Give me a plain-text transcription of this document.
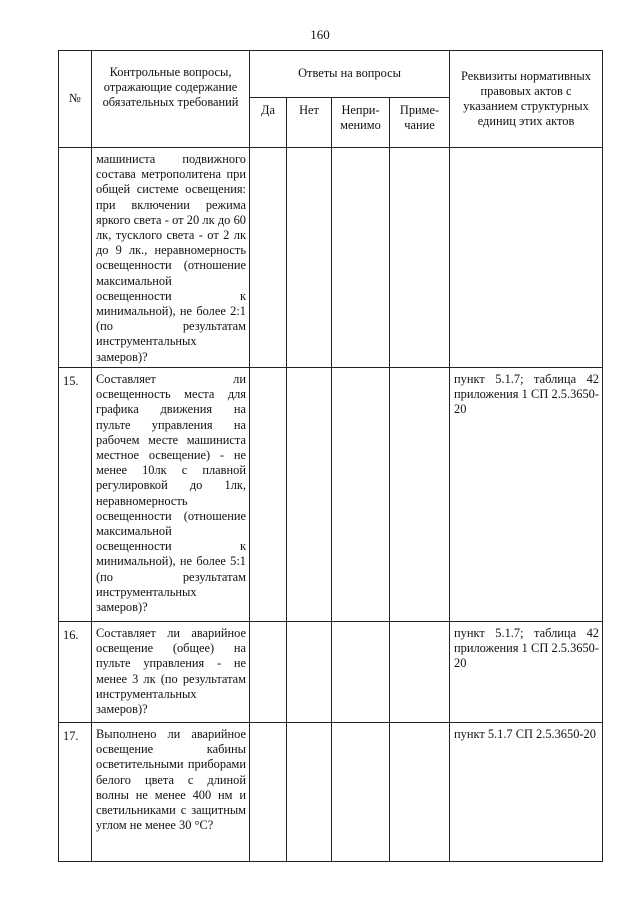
160
№	Контрольные вопросы, отражающие содержание обязательных требований	Ответы на вопросы				Реквизиты нормативных правовых актов с указанием структурных единиц этих актов
		Да	Нет	Непри-менимо	Приме-чание	
	машиниста подвижного состава метрополитена при общей системе освещения: при включении режима яркого света - от 20 лк до 60 лк, тусклого света - от 2 лк до 9 лк., неравномерность освещенности (отношение максимальной освещенности к минимальной), не более 2:1 (по результатам инструментальных замеров)?					
15.	Составляет ли освещенность места для графика движения на пульте управления на рабочем месте машиниста местное освещение) - не менее 10лк с плавной регулировкой до 1лк, неравномерность освещенности (отношение максимальной освещенности к минимальной), не более 5:1 (по результатам инструментальных замеров)?					пункт 5.1.7; таблица 42 приложения 1 СП 2.5.3650-20
16.	Составляет ли аварийное освещение (общее) на пульте управления - не менее 3 лк (по результатам инструментальных замеров)?					пункт 5.1.7; таблица 42 приложения 1 СП 2.5.3650-20
17.	Выполнено ли аварийное освещение кабины осветительными приборами белого цвета с длиной волны не менее 400 нм и светильниками с защитным углом не менее 30 °С?					пункт 5.1.7 СП 2.5.3650-20
